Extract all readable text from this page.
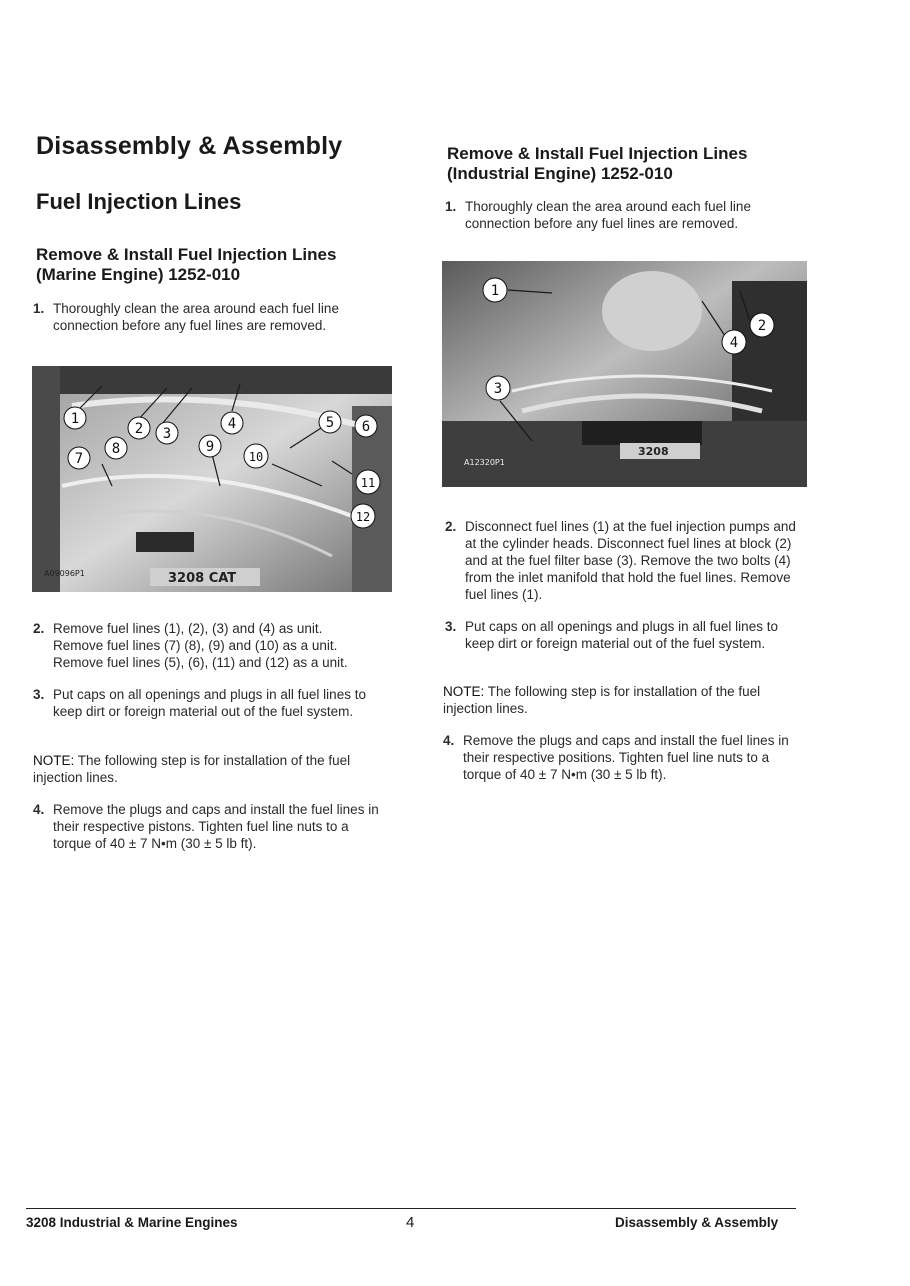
Disassembly & Assembly
Fuel Injection Lines
Remove & Install Fuel Injection Lines
(Marine Engine) 1252-010
1. Thoroughly clean the area around each fuel line connection before any fuel lines are removed.
1
2 3
4	5 6
7
8	9
10
11
12
A09096P1	3208 CAT
2. Remove fuel lines (1), (2), (3) and (4) as unit.
Remove fuel lines (7) (8), (9) and (10) as a unit.
Remove fuel lines (5), (6), (11) and (12) as a unit.
3. Put caps on all openings and plugs in all fuel lines to keep dirt or foreign material out of the fuel system.
NOTE: The following step is for installation of the fuel injection lines.
4. Remove the plugs and caps and install the fuel lines in their respective pistons. Tighten fuel line nuts to a torque of 40 ± 7 N•m (30 ± 5 lb ft).
Remove & Install Fuel Injection Lines
(Industrial Engine) 1252-010
1. Thoroughly clean the area around each fuel line connection before any fuel lines are removed.
1
2
3
4
A12320P1
3208
2. Disconnect fuel lines (1) at the fuel injection pumps and at the cylinder heads. Disconnect fuel lines at block (2) and at the fuel filter base (3). Remove the two bolts (4) from the inlet manifold that hold the fuel lines. Remove fuel lines (1).
3. Put caps on all openings and plugs in all fuel lines to keep dirt or foreign material out of the fuel system.
NOTE: The following step is for installation of the fuel injection lines.
4. Remove the plugs and caps and install the fuel lines in their respective positions. Tighten fuel line nuts to a torque of 40 ± 7 N•m (30 ± 5 lb ft).
3208 Industrial & Marine Engines	4	Disassembly & Assembly
